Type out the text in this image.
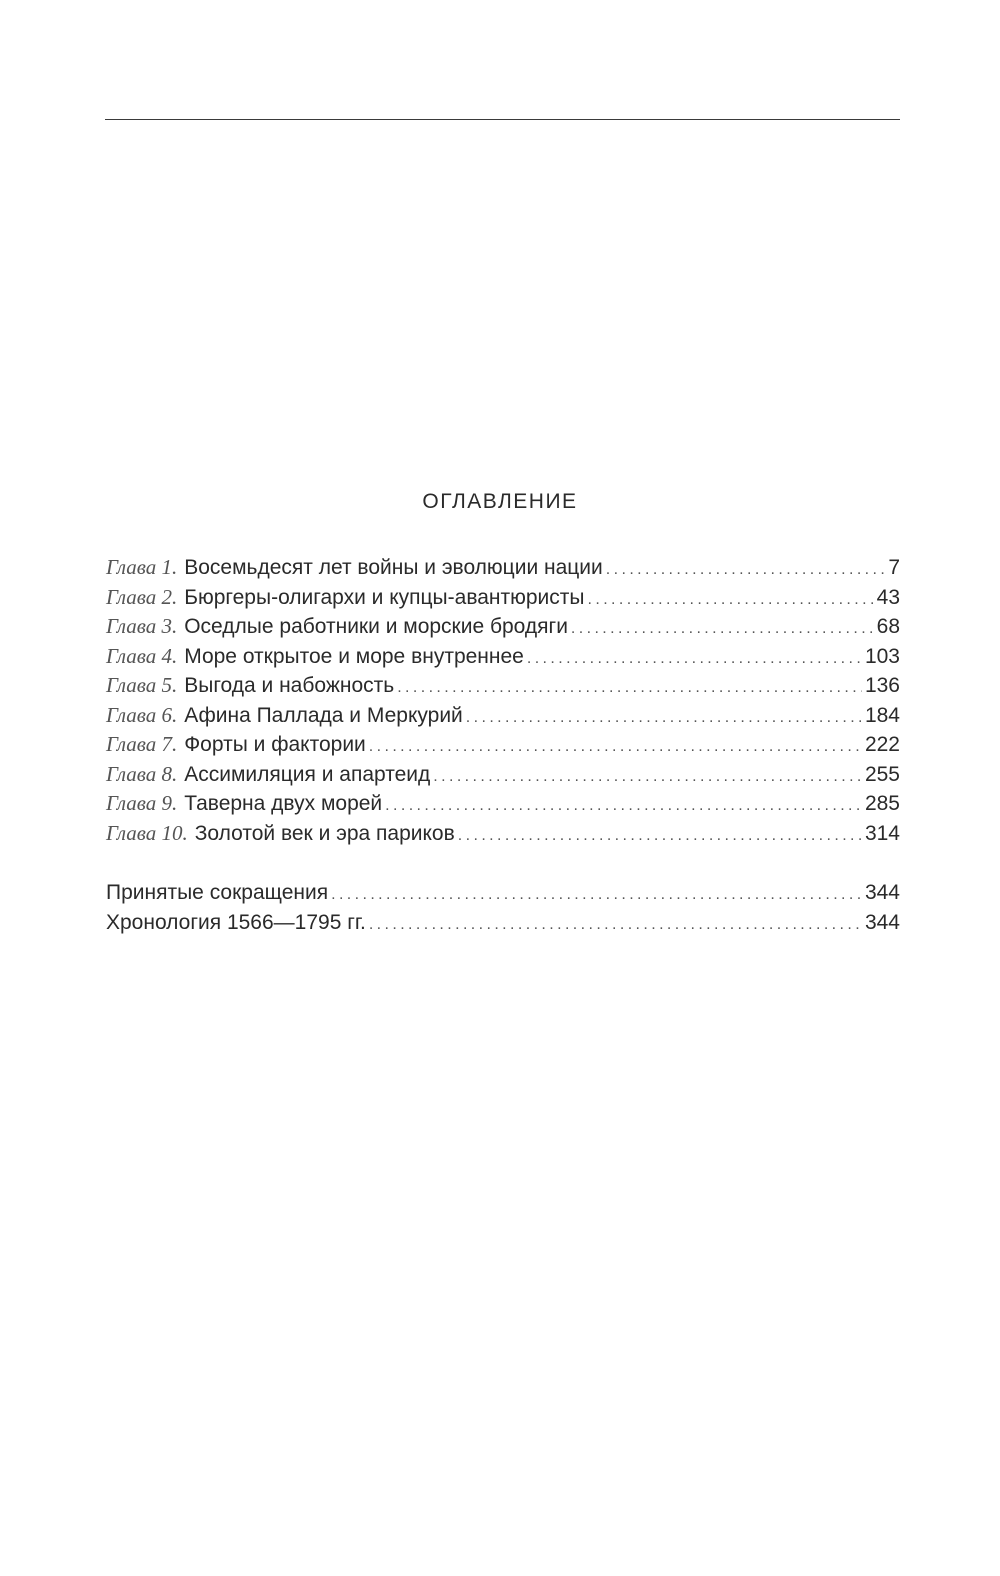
ОГЛАВЛЕНИЕ
Глава 1. Восемьдесят лет войны и эволюции нации .....	7
Глава 2. Бюргеры-олигархи и купцы-авантюристы .....	43
Глава 3. Оседлые работники и морские бродяги .....	68
Глава 4. Море открытое и море внутреннее .....	103
Глава 5. Выгода и набожность .....	136
Глава 6. Афина Паллада и Меркурий .....	184
Глава 7. Форты и фактории .....	222
Глава 8. Ассимиляция и апартеид .....	255
Глава 9. Таверна двух морей .....	285
Глава 10. Золотой век и эра париков .....	314
Принятые сокращения .....	344
Хронология 1566—1795 гг. .....	344
